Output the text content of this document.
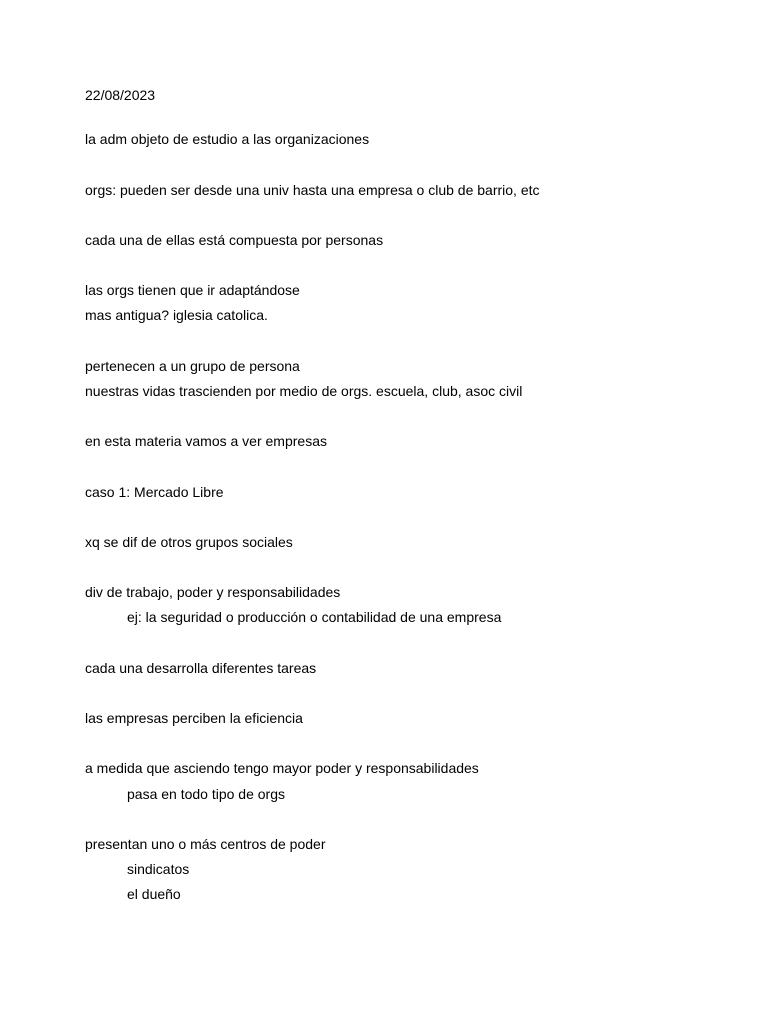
22/08/2023
la adm objeto de estudio a las organizaciones
orgs: pueden ser desde una univ hasta una empresa o club de barrio, etc
cada una de ellas está compuesta por personas
las orgs tienen que ir adaptándose
mas antigua? iglesia catolica.
pertenecen a un grupo de persona
nuestras vidas trascienden por medio de orgs. escuela, club, asoc civil
en esta materia vamos a ver empresas
caso 1: Mercado Libre
xq se dif de otros grupos sociales
div de trabajo, poder y responsabilidades
ej: la seguridad o producción o contabilidad de una empresa
cada una desarrolla diferentes tareas
las empresas perciben la eficiencia
a medida que asciendo tengo mayor poder y responsabilidades
pasa en todo tipo de orgs
presentan uno o más centros de poder
sindicatos
el dueño
